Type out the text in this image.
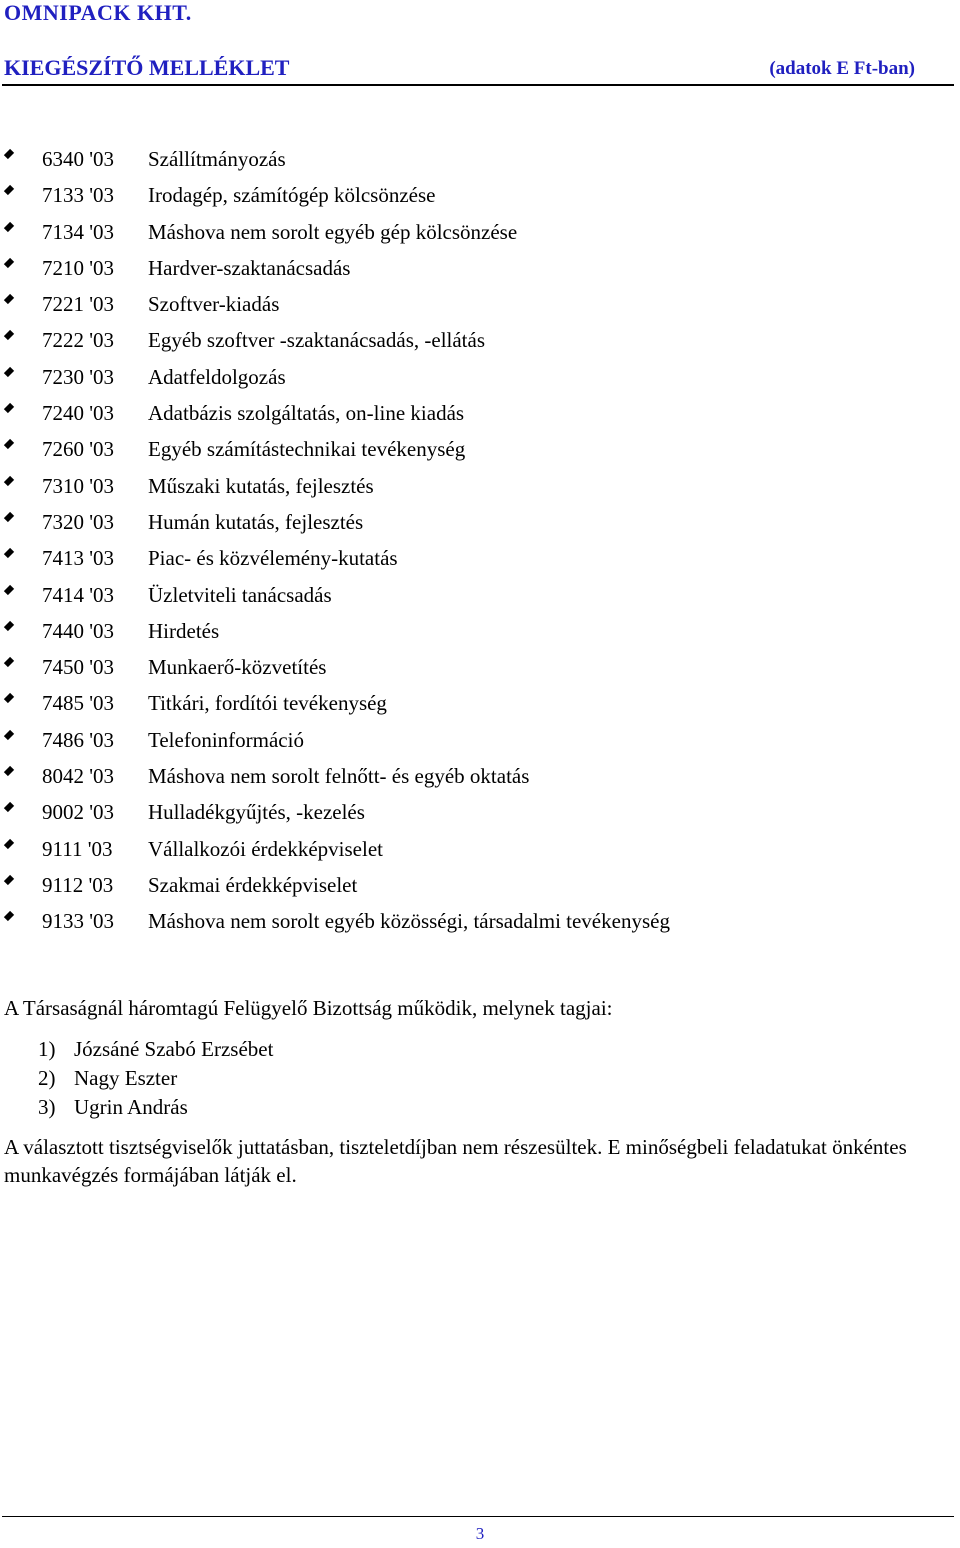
OMNIPACK KHT.
KIEGÉSZÍTŐ MELLÉKLET	(adatok E Ft-ban)
6340 '03 Szállítmányozás
7133 '03 Irodagép, számítógép kölcsönzése
7134 '03 Máshova nem sorolt egyéb gép kölcsönzése
7210 '03 Hardver-szaktanácsadás
7221 '03 Szoftver-kiadás
7222 '03 Egyéb szoftver -szaktanácsadás, -ellátás
7230 '03 Adatfeldolgozás
7240 '03 Adatbázis szolgáltatás, on-line kiadás
7260 '03 Egyéb számítástechnikai tevékenység
7310 '03 Műszaki kutatás, fejlesztés
7320 '03 Humán kutatás, fejlesztés
7413 '03 Piac- és közvélemény-kutatás
7414 '03 Üzletviteli tanácsadás
7440 '03 Hirdetés
7450 '03 Munkaerő-közvetítés
7485 '03 Titkári, fordítói tevékenység
7486 '03 Telefoninformáció
8042 '03 Máshova nem sorolt felnőtt- és egyéb oktatás
9002 '03 Hulladékgyűjtés, -kezelés
9111 '03 Vállalkozói érdekképviselet
9112 '03 Szakmai érdekképviselet
9133 '03 Máshova nem sorolt egyéb közösségi, társadalmi tevékenység
A Társaságnál háromtagú Felügyelő Bizottság működik, melynek tagjai:
1) Józsáné Szabó Erzsébet
2) Nagy Eszter
3) Ugrin András
A választott tisztségviselők juttatásban, tiszteletdíjban nem részesültek. E minőségbeli feladatukat önkéntes munkavégzés formájában látják el.
3
